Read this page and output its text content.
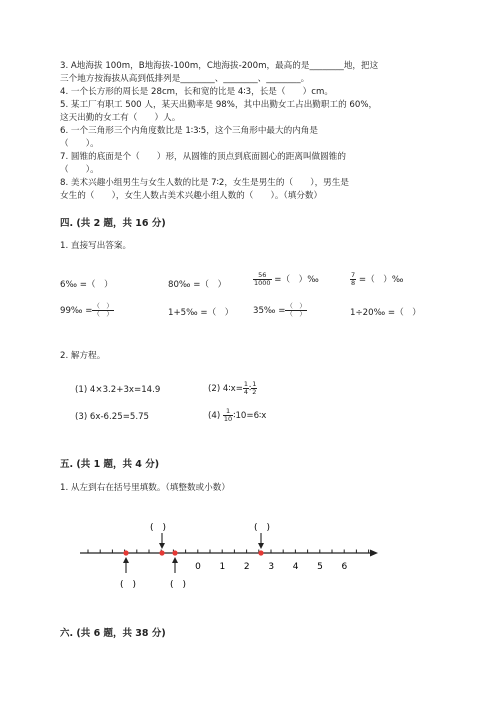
3. A地海拔 100m，B地海拔-100m，C地海拔-200m，最高的是________地，把这
三个地方按海拔从高到低排列是________、________、________。
4. 一个长方形的周长是 28cm，长和宽的比是 4∶3，长是（　　）cm。
5. 某工厂有职工 500 人，某天出勤率是 98%，其中出勤女工占出勤职工的 60%，
这天出勤的女工有（　　）人。
6. 一个三角形三个内角度数比是 1∶3∶5，这个三角形中最大的内角是
（　　）。
7. 圆锥的底面是个（　　）形，从圆锥的顶点到底面圆心的距离叫做圆锥的
（　　）。
8. 美术兴趣小组男生与女生人数的比是 7∶2，女生是男生的（　　），男生是
女生的（　　），女生人数占美术兴趣小组人数的（　　）。（填分数）
四. (共 2 题，共 16 分)
1. 直接写出答案。
6‰ =（　）	80‰ =（　）	$\frac{56}{1000}$ =（　）‰	$\frac{7}{8}$ =（　）‰
99‰ = $\frac{( )}{( )}$	1+5‰ =（　） 35‰ = $\frac{( )}{( )}$	1÷20‰ =（　）
2. 解方程。
(1) 4×3.2+3x=14.9	(2) 4∶x= $\frac{1}{4}$ ∶ $\frac{1}{2}$
(3) 6x-6.25=5.75	$(4) \frac{1}{10}$ ∶10=6∶x
五. (共 1 题，共 4 分)
1. 从左到右在括号里填数。（填整数或小数）
0 1 2 3 4 5 6
(　)	(　)
(　)	(　)
六. (共 6 题，共 38 分)
